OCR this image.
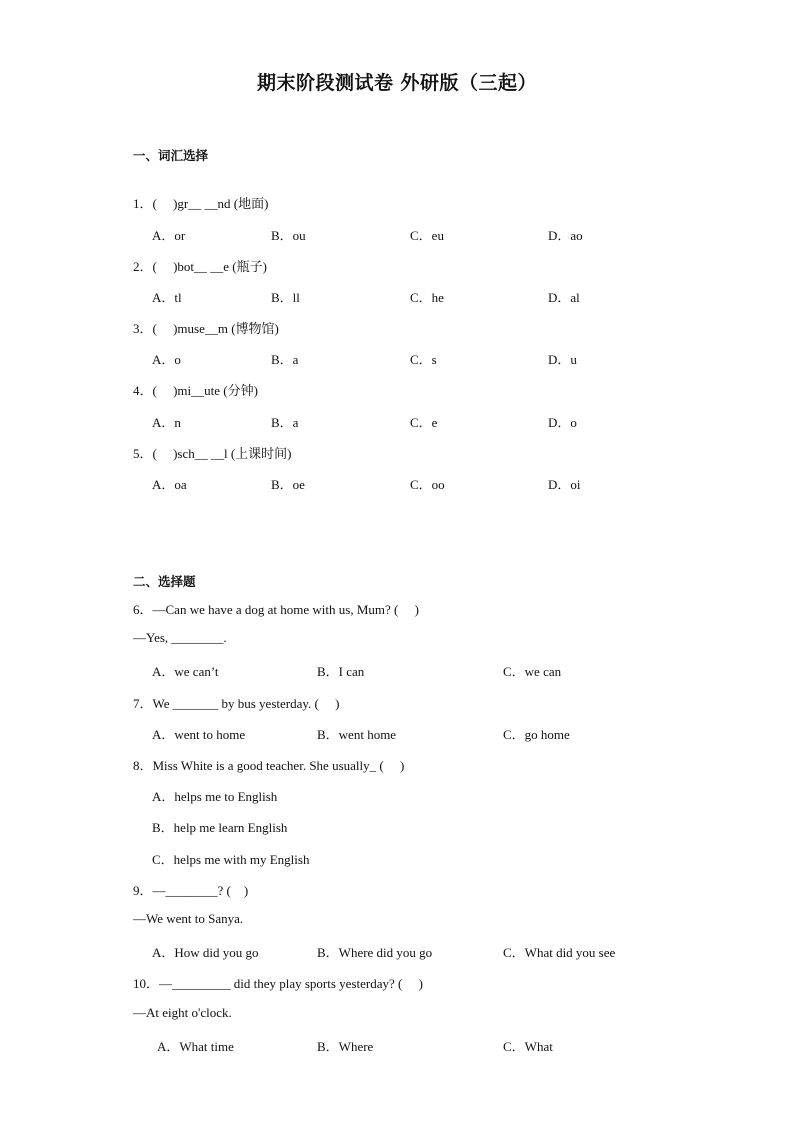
期末阶段测试卷 外研版（三起）
一、词汇选择
1．(　 )gr__ __nd (地面)
A．or	B．ou	C．eu	D．ao
2．(　 )bot__ __e (瓶子)
A．tl	B．ll	C．he	D．al
3．(　 )muse__m (博物馆)
A．o	B．a	C．s	D．u
4．(　 )mi__ute (分钟)
A．n	B．a	C．e	D．o
5．(　 )sch__ __l (上课时间)
A．oa	B．oe	C．oo	D．oi
二、选择题
6．—Can we have a dog at home with us, Mum? (　 )
—Yes, ________.
A．we can’t	B．I can	C．we can
7．We _______ by bus yesterday. (　 )
A．went to home	B．went home	C．go home
8．Miss White is a good teacher. She usually_ (　 )
A．helps me to English
B．help me learn English
C．helps me with my English
9．—________? (　)
—We went to Sanya.
A．How did you go	B．Where did you go	C．What did you see
10．—_________ did they play sports yesterday? (　 )
—At eight o'clock.
A．What time	B．Where	C．What
